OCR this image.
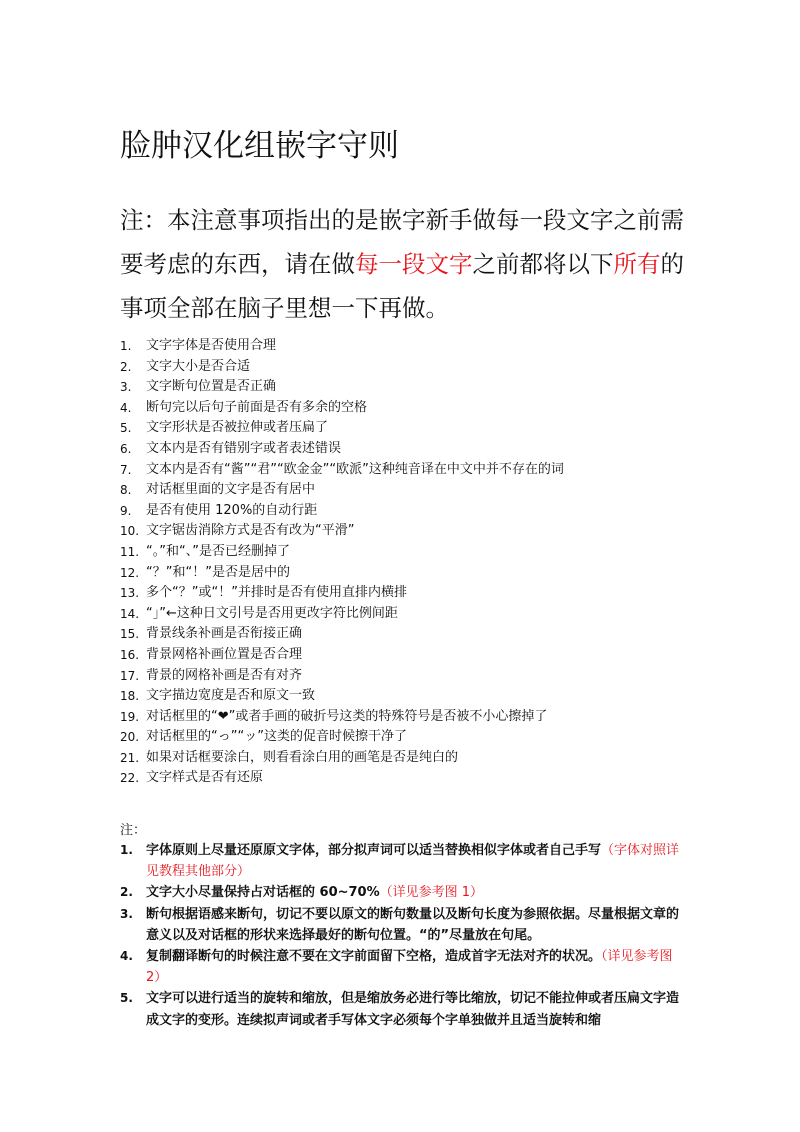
脸肿汉化组嵌字守则

注：本注意事项指出的是嵌字新手做每一段文字之前需要考虑的东西，请在做每一段文字之前都将以下所有的事项全部在脑子里想一下再做。

1.	文字字体是否使用合理
2.	文字大小是否合适
3.	文字断句位置是否正确
4.	断句完以后句子前面是否有多余的空格
5.	文字形状是否被拉伸或者压扁了
6.	文本内是否有错别字或者表述错误
7.	文本内是否有“酱”“君”“欧金金”“欧派”这种纯音译在中文中并不存在的词
8.	对话框里面的文字是否有居中
9.	是否有使用 120%的自动行距
10. 文字锯齿消除方式是否有改为“平滑”
11. “。”和“、”是否已经删掉了
12. “？”和“！”是否是居中的
13. 多个“？”或“！”并排时是否有使用直排内横排
14. “」”←这种日文引号是否用更改字符比例间距
15. 背景线条补画是否衔接正确
16. 背景网格补画位置是否合理
17. 背景的网格补画是否有对齐
18. 文字描边宽度是否和原文一致
19. 对话框里的“❤”或者手画的破折号这类的特殊符号是否被不小心擦掉了
20. 对话框里的“っ”“ッ”这类的促音时候擦干净了
21. 如果对话框要涂白，则看看涂白用的画笔是否是纯白的
22. 文字样式是否有还原
注：
1.	字体原则上尽量还原原文字体，部分拟声词可以适当替换相似字体或者自己手写（字体对照详见教程其他部分）
2.	文字大小尽量保持占对话框的 60~70%（详见参考图 1）
3.	断句根据语感来断句，切记不要以原文的断句数量以及断句长度为参照依据。尽量根据文章的意义以及对话框的形状来选择最好的断句位置。“的”尽量放在句尾。
4.	复制翻译断句的时候注意不要在文字前面留下空格，造成首字无法对齐的状况。（详见参考图 2）
5.	文字可以进行适当的旋转和缩放，但是缩放务必进行等比缩放，切记不能拉伸或者压扁文字造成文字的变形。连续拟声词或者手写体文字必须每个字单独做并且适当旋转和缩
